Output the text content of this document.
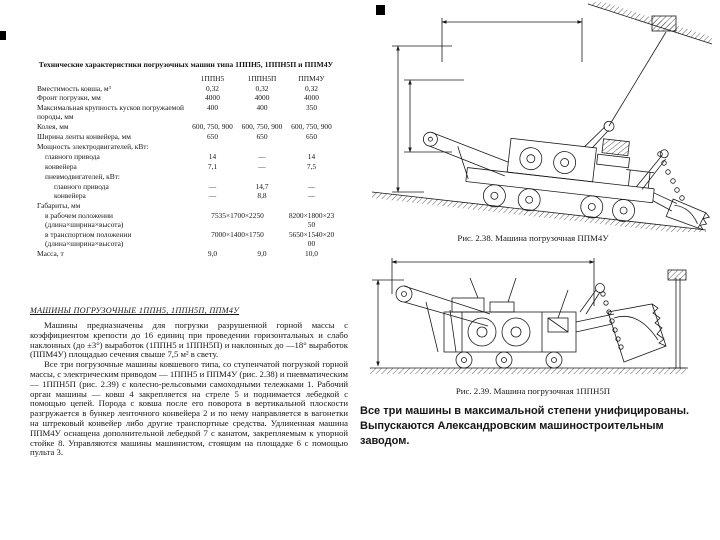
Технические характеристики погрузочных машин типа 1ППН5, 1ППН5П и ППМ4У
	1ППН5	1ППН5П	ППМ4У
Вместимость ковша, м³	0,32	0,32	0,32
Фронт погрузки, мм	4000	4000	4000
Максимальная крупность кусков погружаемой породы, мм	400	400	350
Колея, мм	600, 750, 900	600, 750, 900	600, 750, 900
Ширина ленты конвейера, мм	650	650	650
Мощность электродвигателей, кВт:			
главного привода	14	—	14
конвейера	7,1	—	7,5
пневмодвигателей, кВт:			
главного привода	—	14,7	—
конвейера	—	8,8	—
Габариты, мм			
в рабочем положении (длина×ширина×высота)	7535×1700×2250		8200×1800×2350
в транспортном положении (длина×ширина×высота)	7000×1400×1750		5650×1540×2000
Масса, т	9,0	9,0	10,0
МАШИНЫ ПОГРУЗОЧНЫЕ 1ППН5, 1ППН5П, ППМ4У

Машины предназначены для погрузки разрушенной горной массы с коэффициентом крепости до 16 единиц при проведении горизонтальных и слабо наклонных (до ±3°) выработок (1ППН5 и 1ППН5П) и наклонных до —18° выработок (ППМ4У) площадью сечения свыше 7,5 м² в свету.

Все три погрузочные машины ковшевого типа, со ступенчатой погрузкой горной массы, с электрическим приводом — 1ППН5 и ППМ4У (рис. 2.38) и пневматическим — 1ППН5П (рис. 2.39) с колесно-рельсовыми самоходными тележками 1. Рабочий орган машины — ковш 4 закрепляется на стреле 5 и поднимается лебедкой с помощью цепей. Порода с ковша после его поворота в вертикальной плоскости разгружается в бункер ленточного конвейера 2 и по нему направляется в вагонетки на штрековый конвейер либо другие транспортные средства. Удлиненная машина ППМ4У оснащена дополнительной лебедкой 7 с канатом, закрепляемым к упорной стойке 8. Управляются машины машинистом, стоящим на площадке 6 с помощью пульта 3.

Рис. 2.38. Машина погрузочная ППМ4У
Рис. 2.39. Машина погрузочная 1ППН5П
Все три машины в максимальной степени унифицированы.
Выпускаются Александровским машиностроительным заводом.
